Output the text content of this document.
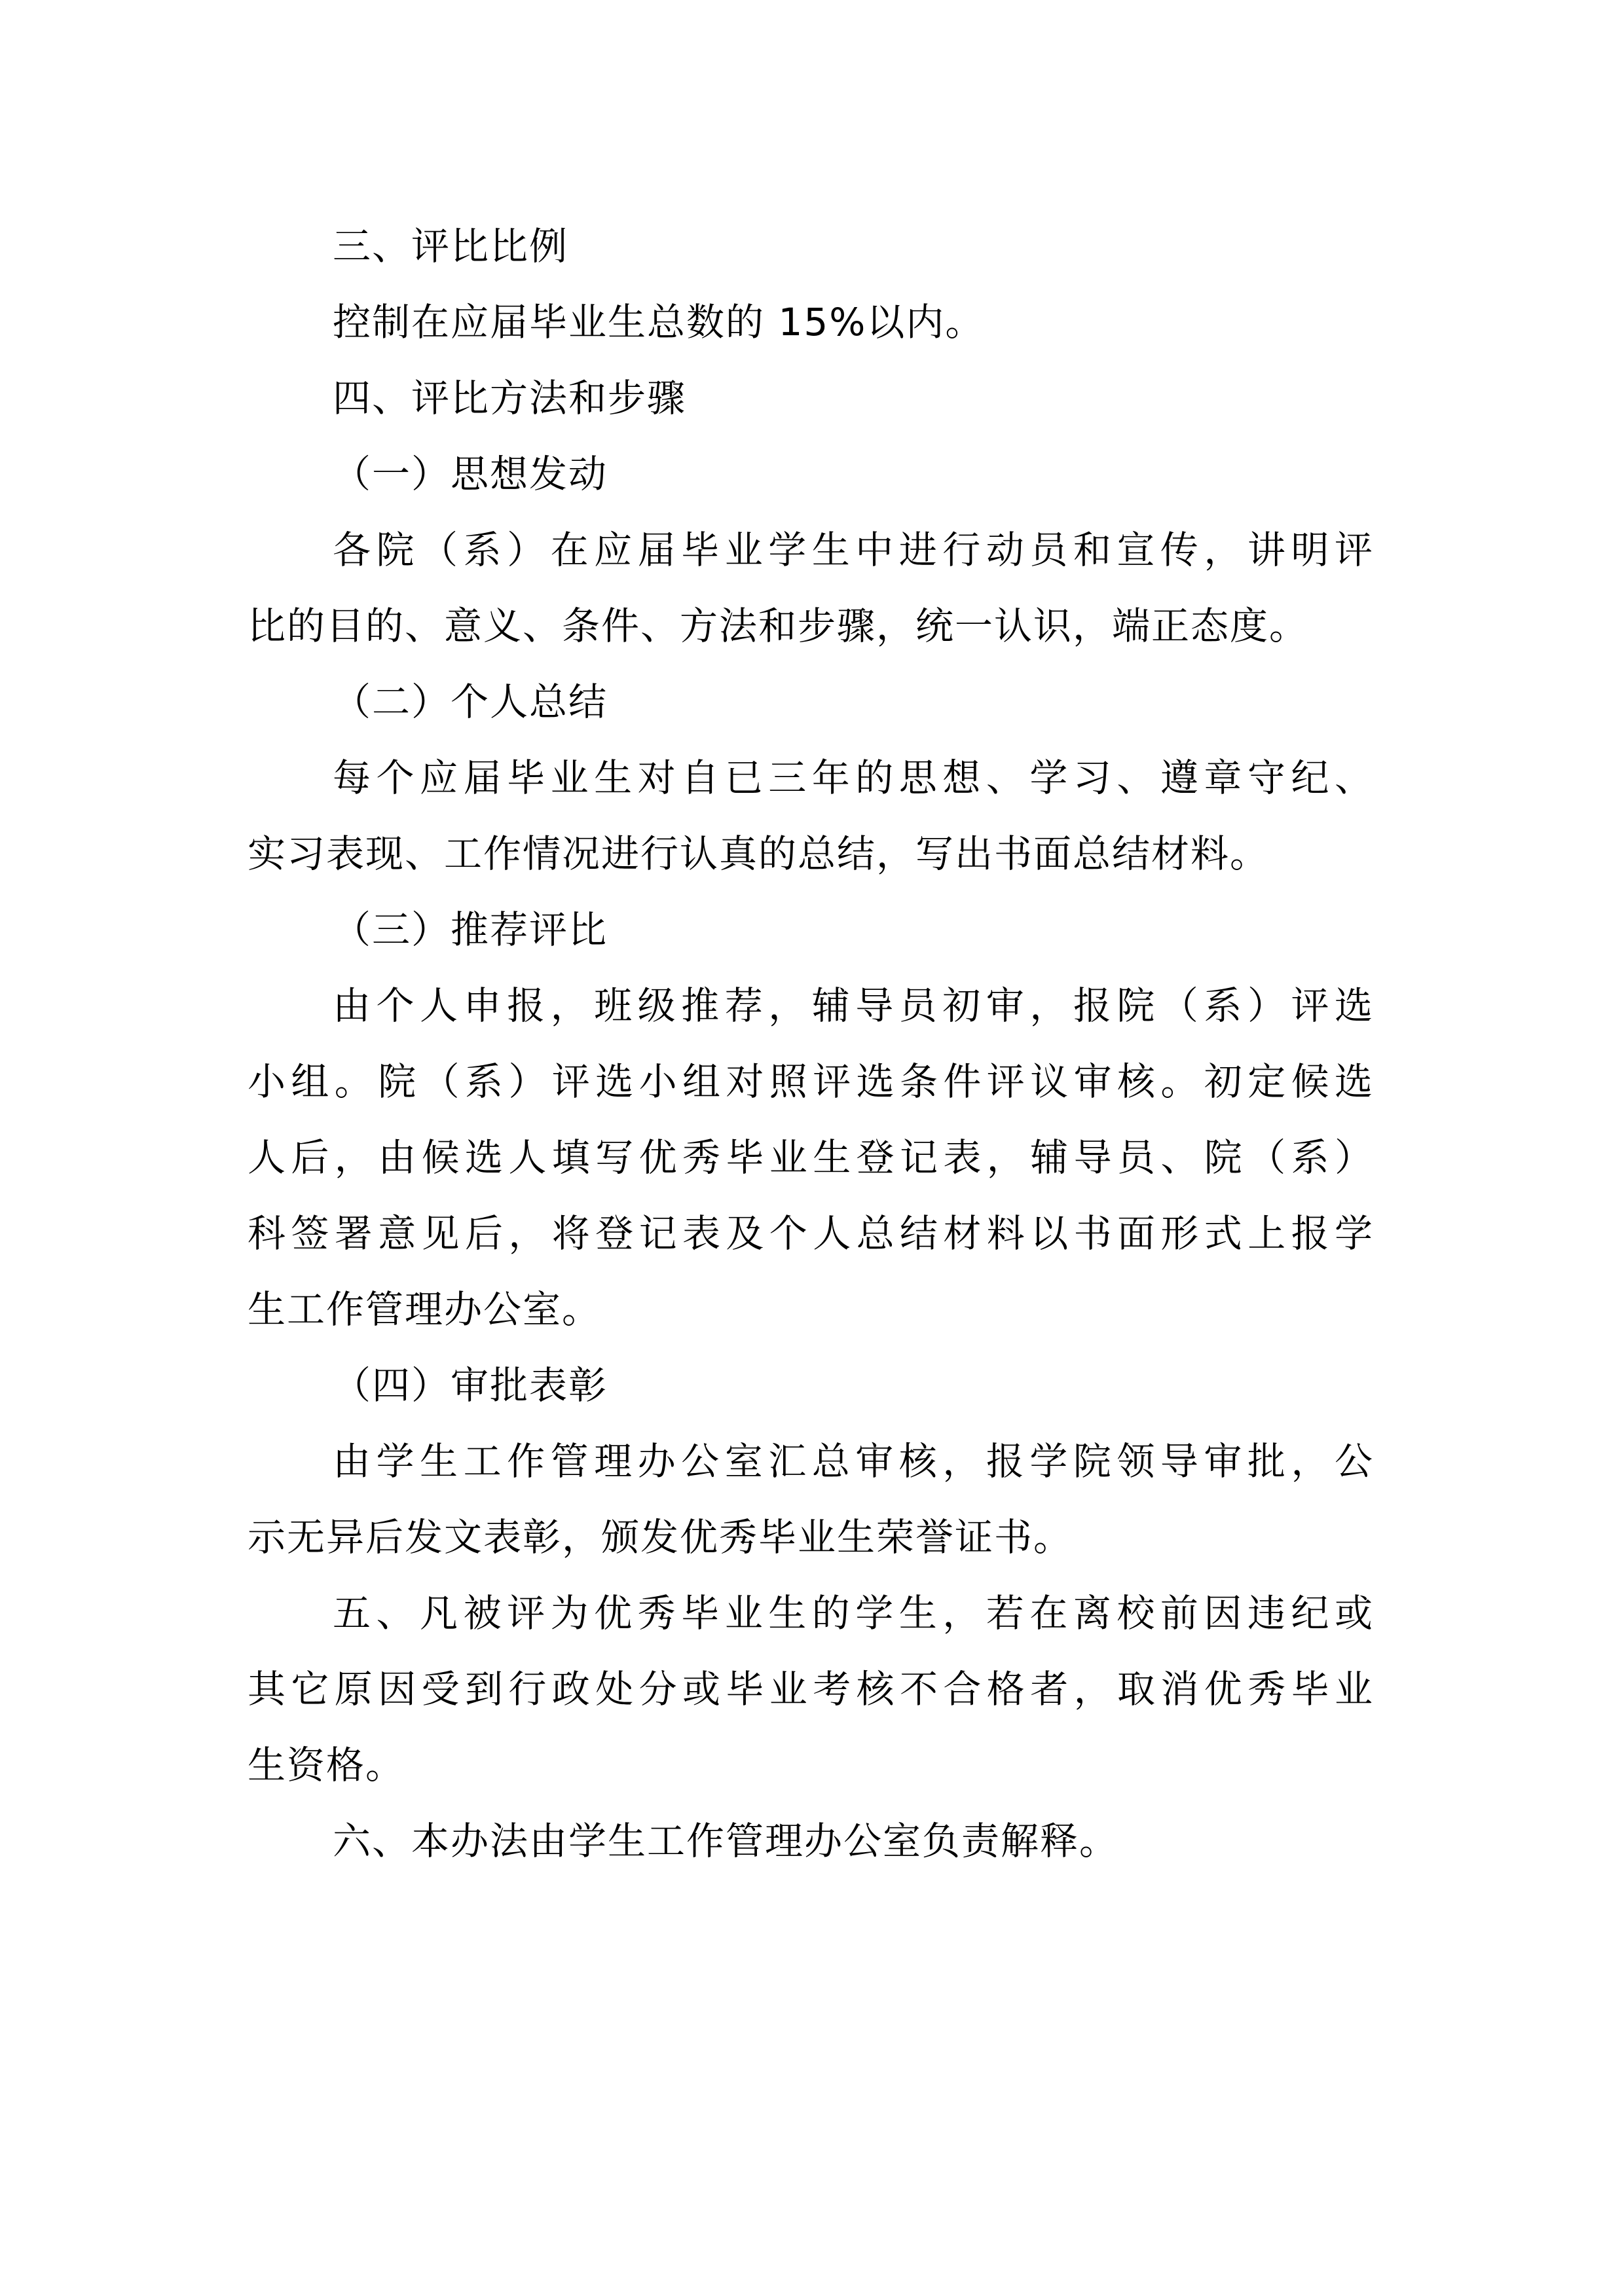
三、评比比例
控制在应届毕业生总数的 15%以内。
四、评比方法和步骤
（一）思想发动
各院（系）在应届毕业学生中进行动员和宣传，讲明评
比的目的、意义、条件、方法和步骤，统一认识，端正态度。
（二）个人总结
每个应届毕业生对自已三年的思想、学习、遵章守纪、
实习表现、工作情况进行认真的总结，写出书面总结材料。
（三）推荐评比
由个人申报，班级推荐，辅导员初审，报院（系）评选
小组。院（系）评选小组对照评选条件评议审核。初定候选
人后，由候选人填写优秀毕业生登记表，辅导员、院（系）
科签署意见后，将登记表及个人总结材料以书面形式上报学
生工作管理办公室。
（四）审批表彰
由学生工作管理办公室汇总审核，报学院领导审批，公
示无异后发文表彰，颁发优秀毕业生荣誉证书。
五、凡被评为优秀毕业生的学生，若在离校前因违纪或
其它原因受到行政处分或毕业考核不合格者，取消优秀毕业
生资格。
六、本办法由学生工作管理办公室负责解释。
